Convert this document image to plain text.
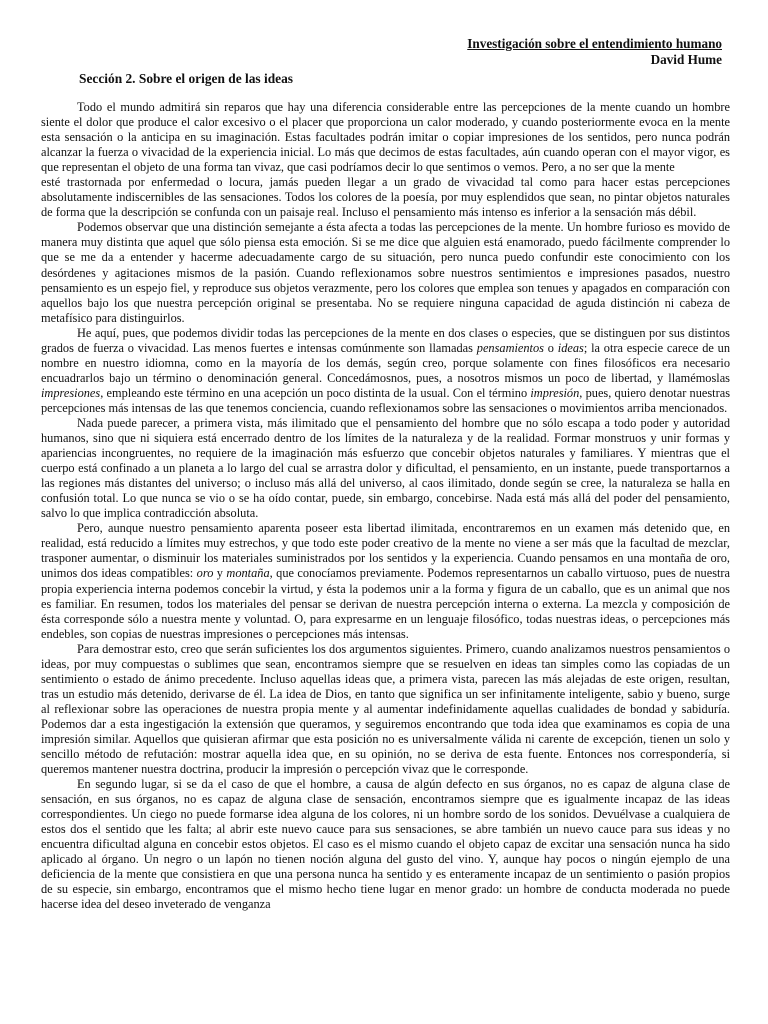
Investigación sobre el entendimiento humano
David Hume
Sección 2. Sobre el origen de las ideas

Todo el mundo admitirá sin reparos que hay una diferencia considerable entre las percepciones de la mente cuando un hombre siente el dolor que produce el calor excesivo o el placer que proporciona un calor moderado, y cuando posteriormente evoca en la mente esta sensación o la anticipa en su imaginación. Estas facultades podrán imitar o copiar impresiones de los sentidos, pero nunca podrán alcanzar la fuerza o vivacidad de la experiencia inicial. Lo más que decimos de estas facultades, aún cuando operan con el mayor vigor, es que representan el objeto de una forma tan vivaz, que casi podríamos decir lo que sentimos o vemos. Pero, a no ser que la mente

esté trastornada por enfermedad o locura, jamás pueden llegar a un grado de vivacidad tal como para hacer estas percepciones absolutamente indiscernibles de las sensaciones. Todos los colores de la poesía, por muy esplendidos que sean, no pintar objetos naturales de forma que la descripción se confunda con un paisaje real. Incluso el pensamiento más intenso es inferior a la sensación más débil.

Podemos observar que una distinción semejante a ésta afecta a todas las percepciones de la mente. Un hombre furioso es movido de manera muy distinta que aquel que sólo piensa esta emoción. Si se me dice que alguien está enamorado, puedo fácilmente comprender lo que se me da a entender y hacerme adecuadamente cargo de su situación, pero nunca puedo confundir este conocimiento con los desórdenes y agitaciones mismos de la pasión. Cuando reflexionamos sobre nuestros sentimientos e impresiones pasados, nuestro pensamiento es un espejo fiel, y reproduce sus objetos verazmente, pero los colores que emplea son tenues y apagados en comparación con aquellos bajo los que nuestra percepción original se presentaba. No se requiere ninguna capacidad de aguda distinción ni cabeza de metafísico para distinguirlos.

He aquí, pues, que podemos dividir todas las percepciones de la mente en dos clases o especies, que se distinguen por sus distintos grados de fuerza o vivacidad. Las menos fuertes e intensas comúnmente son llamadas pensamientos o ideas; la otra especie carece de un nombre en nuestro idiomna, como en la mayoría de los demás, según creo, porque solamente con fines filosóficos era necesario encuadrarlos bajo un término o denominación general. Concedámosnos, pues, a nosotros mismos un poco de libertad, y llamémoslas impresiones, empleando este término en una acepción un poco distinta de la usual. Con el término impresión, pues, quiero denotar nuestras percepciones más intensas de las que tenemos conciencia, cuando reflexionamos sobre las sensaciones o movimientos arriba mencionados.

Nada puede parecer, a primera vista, más ilimitado que el pensamiento del hombre que no sólo escapa a todo poder y autoridad humanos, sino que ni siquiera está encerrado dentro de los límites de la naturaleza y de la realidad. Formar monstruos y unir formas y apariencias incongruentes, no requiere de la imaginación más esfuerzo que concebir objetos naturales y familiares. Y mientras que el cuerpo está confinado a un planeta a lo largo del cual se arrastra dolor y dificultad, el pensamiento, en un instante, puede transportarnos a las regiones más distantes del universo; o incluso más allá del universo, al caos ilimitado, donde según se cree, la naturaleza se halla en confusión total. Lo que nunca se vio o se ha oído contar, puede, sin embargo, concebirse. Nada está más allá del poder del pensamiento, salvo lo que implica contradicción absoluta.

Pero, aunque nuestro pensamiento aparenta poseer esta libertad ilimitada, encontraremos en un examen más detenido que, en realidad, está reducido a límites muy estrechos, y que todo este poder creativo de la mente no viene a ser más que la facultad de mezclar, trasponer aumentar, o disminuir los materiales suministrados por los sentidos y la experiencia. Cuando pensamos en una montaña de oro, unimos dos ideas compatibles: oro y montaña, que conocíamos previamente. Podemos representarnos un caballo virtuoso, pues de nuestra propia experiencia interna podemos concebir la virtud, y ésta la podemos unir a la forma y figura de un caballo, que es un animal que nos es familiar. En resumen, todos los materiales del pensar se derivan de nuestra percepción interna o externa. La mezcla y composición de ésta corresponde sólo a nuestra mente y voluntad. O, para expresarme en un lenguaje filosófico, todas nuestras ideas, o percepciones más endebles, son copias de nuestras impresiones o percepciones más intensas.

Para demostrar esto, creo que serán suficientes los dos argumentos siguientes. Primero, cuando analizamos nuestros pensamientos o ideas, por muy compuestas o sublimes que sean, encontramos siempre que se resuelven en ideas tan simples como las copiadas de un sentimiento o estado de ánimo precedente. Incluso aquellas ideas que, a primera vista, parecen las más alejadas de este origen, resultan, tras un estudio más detenido, derivarse de él. La idea de Dios, en tanto que significa un ser infinitamente inteligente, sabio y bueno, surge al reflexionar sobre las operaciones de nuestra propia mente y al aumentar indefinidamente aquellas cualidades de bondad y sabiduría. Podemos dar a esta ingestigación la extensión que queramos, y seguiremos encontrando que toda idea que examinamos es copia de una impresión similar. Aquellos que quisieran afirmar que esta posición no es universalmente válida ni carente de excepción, tienen un solo y sencillo método de refutación: mostrar aquella idea que, en su opinión, no se deriva de esta fuente. Entonces nos correspondería, si queremos mantener nuestra doctrina, producir la impresión o percepción vivaz que le corresponde.

En segundo lugar, si se da el caso de que el hombre, a causa de algún defecto en sus órganos, no es capaz de alguna clase de sensación, en sus órganos, no es capaz de alguna clase de sensación, encontramos siempre que es igualmente incapaz de las ideas correspondientes. Un ciego no puede formarse idea alguna de los colores, ni un hombre sordo de los sonidos. Devuélvase a cualquiera de estos dos el sentido que les falta; al abrir este nuevo cauce para sus sensaciones, se abre también un nuevo cauce para sus ideas y no encuentra dificultad alguna en concebir estos objetos. El caso es el mismo cuando el objeto capaz de excitar una sensación nunca ha sido aplicado al órgano. Un negro o un lapón no tienen noción alguna del gusto del vino. Y, aunque hay pocos o ningún ejemplo de una deficiencia de la mente que consistiera en que una persona nunca ha sentido y es enteramente incapaz de un sentimiento o pasión propios de su especie, sin embargo, encontramos que el mismo hecho tiene lugar en menor grado: un hombre de conducta moderada no puede hacerse idea del deseo inveterado de venganza
